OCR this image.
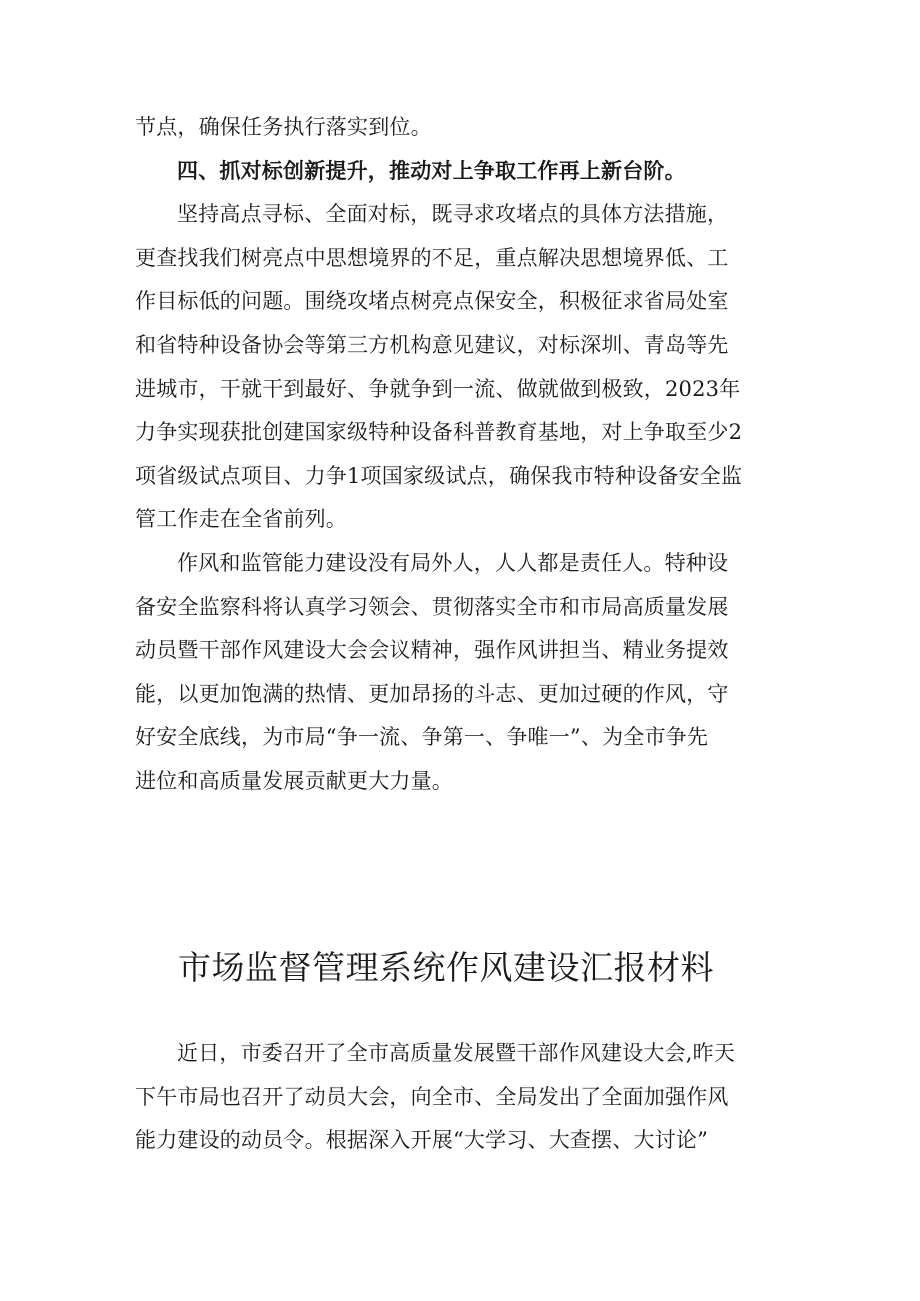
节点，确保任务执行落实到位。
四、抓对标创新提升，推动对上争取工作再上新台阶。
坚持高点寻标、全面对标，既寻求攻堵点的具体方法措施，
更查找我们树亮点中思想境界的不足，重点解决思想境界低、工
作目标低的问题。围绕攻堵点树亮点保安全，积极征求省局处室
和省特种设备协会等第三方机构意见建议，对标深圳、青岛等先
进城市，干就干到最好、争就争到一流、做就做到极致，2023年
力争实现获批创建国家级特种设备科普教育基地，对上争取至少2
项省级试点项目、力争1项国家级试点，确保我市特种设备安全监
管工作走在全省前列。
作风和监管能力建设没有局外人，人人都是责任人。特种设
备安全监察科将认真学习领会、贯彻落实全市和市局高质量发展
动员暨干部作风建设大会会议精神，强作风讲担当、精业务提效
能，以更加饱满的热情、更加昂扬的斗志、更加过硬的作风，守
好安全底线，为市局“争一流、争第一、争唯一”、为全市争先
进位和高质量发展贡献更大力量。
市场监督管理系统作风建设汇报材料
近日，市委召开了全市高质量发展暨干部作风建设大会,昨天
下午市局也召开了动员大会，向全市、全局发出了全面加强作风
能力建设的动员令。根据深入开展“大学习、大查摆、大讨论”
